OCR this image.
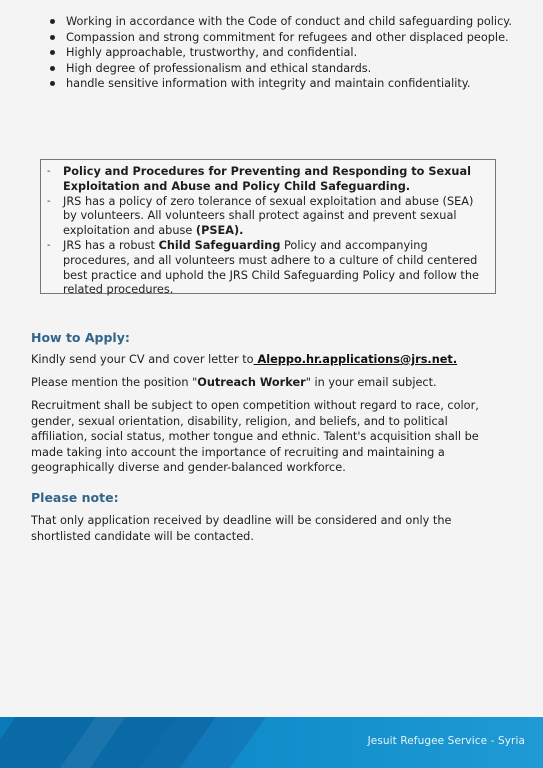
Working in accordance with the Code of conduct and child safeguarding policy.
Compassion and strong commitment for refugees and other displaced people.
Highly approachable, trustworthy, and confidential.
High degree of professionalism and ethical standards.
handle sensitive information with integrity and maintain confidentiality.
- Policy and Procedures for Preventing and Responding to Sexual Exploitation and Abuse and Policy Child Safeguarding.
- JRS has a policy of zero tolerance of sexual exploitation and abuse (SEA) by volunteers. All volunteers shall protect against and prevent sexual exploitation and abuse (PSEA).
- JRS has a robust Child Safeguarding Policy and accompanying procedures, and all volunteers must adhere to a culture of child centered best practice and uphold the JRS Child Safeguarding Policy and follow the related procedures.
How to Apply:

Kindly send your CV and cover letter to Aleppo.hr.applications@jrs.net.

Please mention the position "Outreach Worker" in your email subject.

Recruitment shall be subject to open competition without regard to race, color, gender, sexual orientation, disability, religion, and beliefs, and to political affiliation, social status, mother tongue and ethnic. Talent's acquisition shall be made taking into account the importance of recruiting and maintaining a geographically diverse and gender-balanced workforce.

Please note:

That only application received by deadline will be considered and only the shortlisted candidate will be contacted.

Jesuit Refugee Service - Syria
